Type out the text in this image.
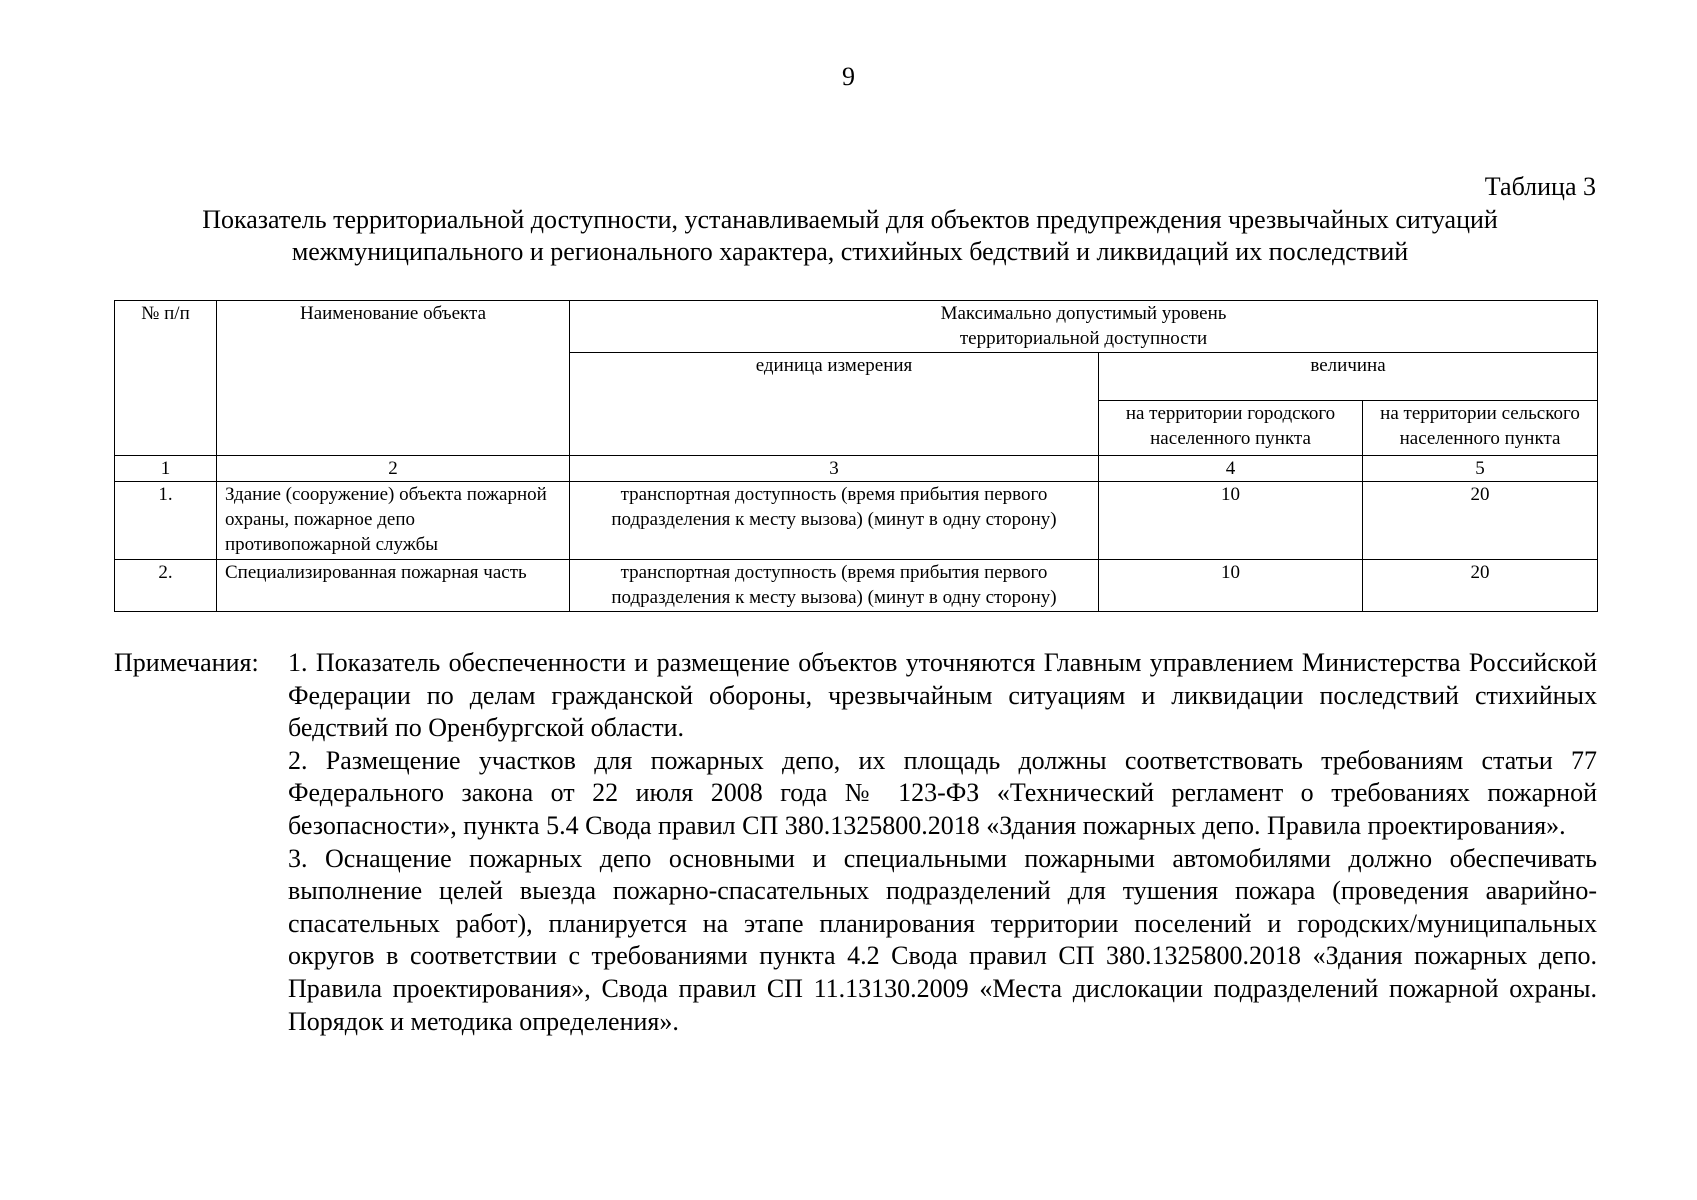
9
Таблица 3
Показатель территориальной доступности, устанавливаемый для объектов предупреждения чрезвычайных ситуаций
межмуниципального и регионального характера, стихийных бедствий и ликвидаций их последствий
№ п/п	Наименование объекта	Максимально допустимый уровень территориальной доступности		
		единица измерения	величина	
			на территории городского населенного пункта	на территории сельского населенного пункта
1	2	3	4	5
1.	Здание (сооружение) объекта пожарной охраны, пожарное депо противопожарной службы	транспортная доступность (время прибытия первого подразделения к месту вызова) (минут в одну сторону)	10	20
2.	Специализированная пожарная часть	транспортная доступность (время прибытия первого подразделения к месту вызова) (минут в одну сторону)	10	20
Примечания: 1. Показатель обеспеченности и размещение объектов уточняются Главным управлением Министерства Российской Федерации по делам гражданской обороны, чрезвычайным ситуациям и ликвидации последствий стихийных бедствий по Оренбургской области.

2. Размещение участков для пожарных депо, их площадь должны соответствовать требованиям статьи 77 Федерального закона от 22 июля 2008 года № 123-ФЗ «Технический регламент о требованиях пожарной безопасности», пункта 5.4 Свода правил СП 380.1325800.2018 «Здания пожарных депо. Правила проектирования».

3. Оснащение пожарных депо основными и специальными пожарными автомобилями должно обеспечивать выполнение целей выезда пожарно-спасательных подразделений для тушения пожара (проведения аварийно-спасательных работ), планируется на этапе планирования территории поселений и городских/муниципальных округов в соответствии с требованиями пункта 4.2 Свода правил СП 380.1325800.2018 «Здания пожарных депо. Правила проектирования», Свода правил СП 11.13130.2009 «Места дислокации подразделений пожарной охраны. Порядок и методика определения».
